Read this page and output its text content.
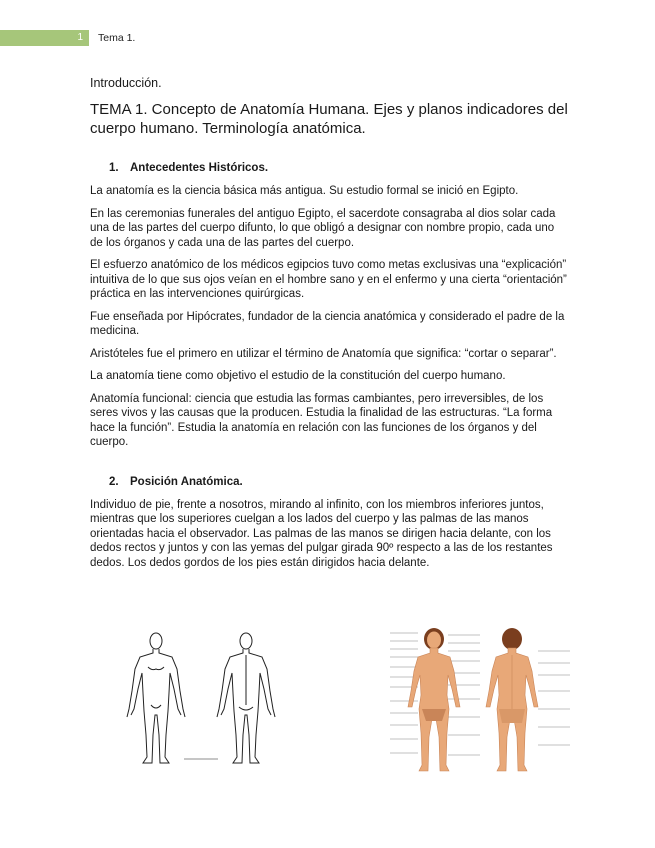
1	Tema 1.
Introducción.
TEMA 1. Concepto de Anatomía Humana. Ejes y planos indicadores del cuerpo humano. Terminología anatómica.
1. Antecedentes Históricos.

La anatomía es la ciencia básica más antigua. Su estudio formal se inició en Egipto.

En las ceremonias funerales del antiguo Egipto, el sacerdote consagraba al dios solar cada una de las partes del cuerpo difunto, lo que obligó a designar con nombre propio, cada uno de los órganos y cada una de las partes del cuerpo.

El esfuerzo anatómico de los médicos egipcios tuvo como metas exclusivas una “explicación” intuitiva de lo que sus ojos veían en el hombre sano y en el enfermo y una cierta “orientación” práctica en las intervenciones quirúrgicas.

Fue enseñada por Hipócrates, fundador de la ciencia anatómica y considerado el padre de la medicina.

Aristóteles fue el primero en utilizar el término de Anatomía que significa: “cortar o separar”.

La anatomía tiene como objetivo el estudio de la constitución del cuerpo humano.

Anatomía funcional: ciencia que estudia las formas cambiantes, pero irreversibles, de los seres vivos y las causas que la producen. Estudia la finalidad de las estructuras. “La forma hace la función”. Estudia la anatomía en relación con las funciones de los órganos y del cuerpo.

2. Posición Anatómica.

Individuo de pie, frente a nosotros, mirando al infinito, con los miembros inferiores juntos, mientras que los superiores cuelgan a los lados del cuerpo y las palmas de las manos orientadas hacia el observador. Las palmas de las manos se dirigen hacia delante, con los dedos rectos y juntos y con las yemas del pulgar girada 90º respecto a las de los restantes dedos. Los dedos gordos de los pies están dirigidos hacia delante.
